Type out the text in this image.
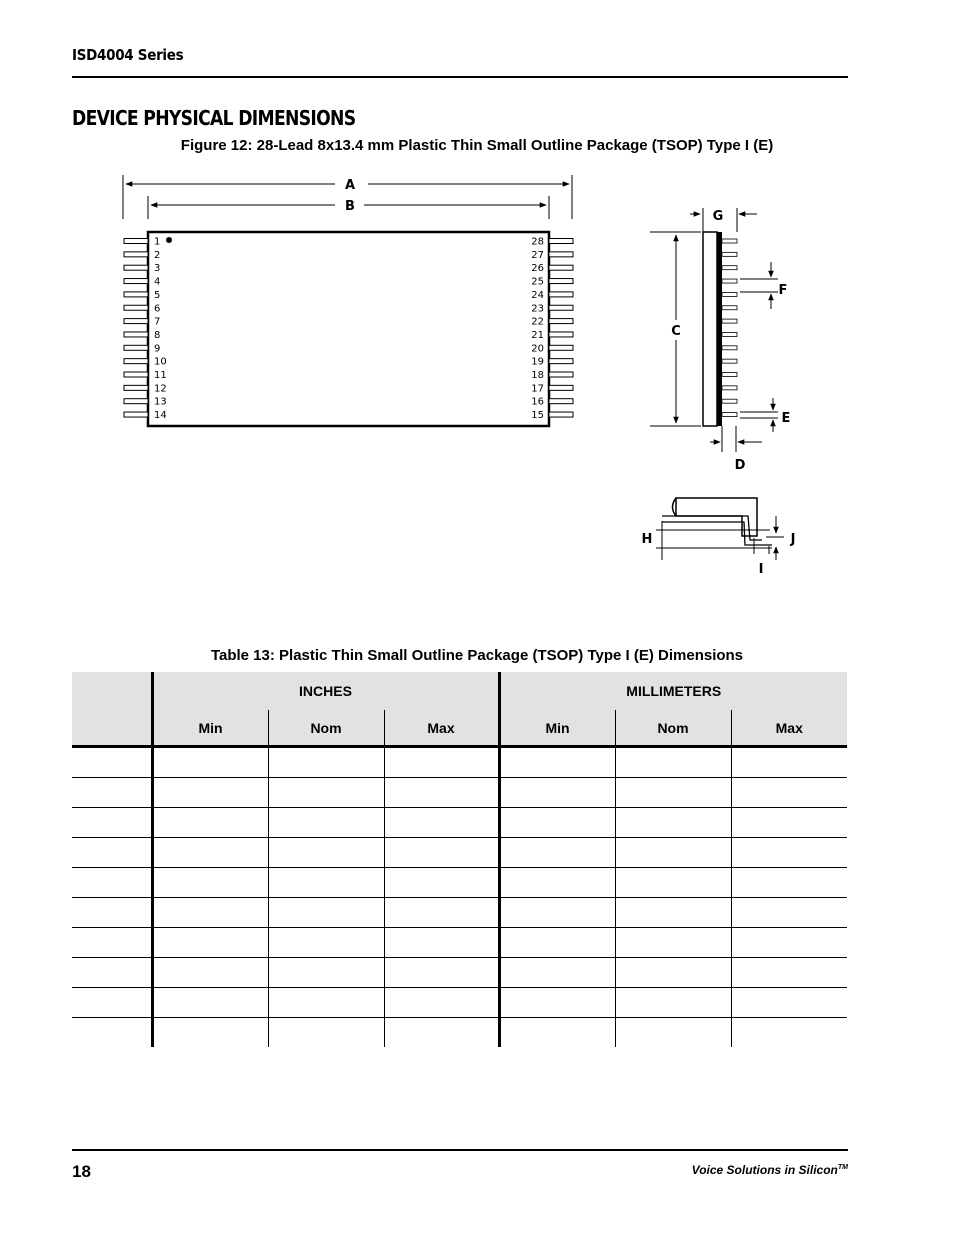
ISD4004 Series
DEVICE PHYSICAL DIMENSIONS
Figure 12: 28-Lead 8x13.4 mm Plastic Thin Small Outline Package (TSOP) Type I (E)
A
B
1	28
2	27
3	26
4	25
5	24
6	23
7	22
8	21
9	20
10	19
11	18
12	17
13	16
14	15
G
C
F
E
D
H	J
I
Table 13: Plastic Thin Small Outline Package (TSOP) Type I (E) Dimensions
	INCHES			MILLIMETERS		
	Min	Nom	Max	Min	Nom	Max

18	Voice Solutions in Silicon™
